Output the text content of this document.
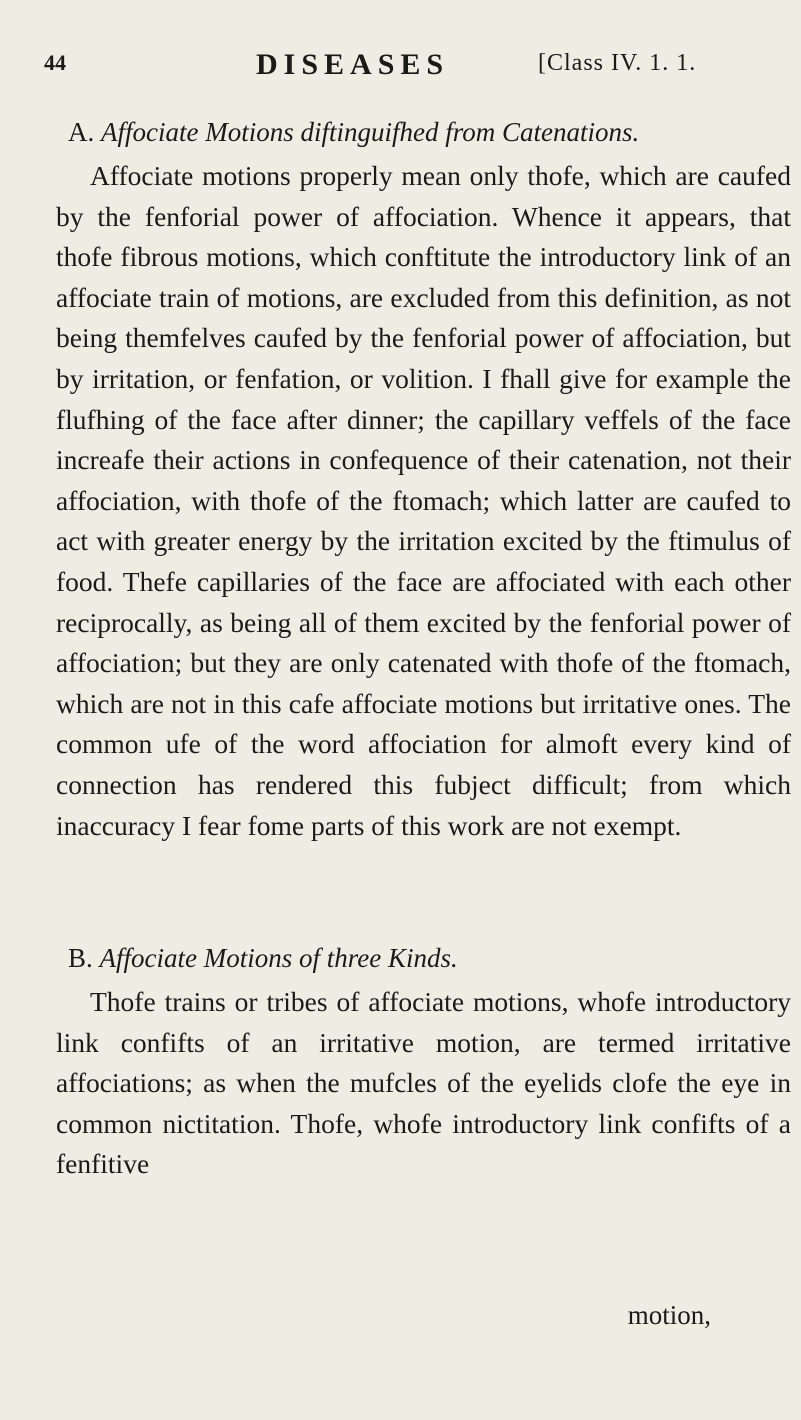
44	DISEASES	[Class IV. 1. 1.
A. Affociate Motions diftinguifhed from Catenations.

Affociate motions properly mean only thofe, which are caufed by the fenforial power of affociation. Whence it appears, that thofe fibrous motions, which conftitute the introductory link of an affociate train of motions, are excluded from this definition, as not being themfelves caufed by the fenforial power of affociation, but by irritation, or fenfation, or volition. I fhall give for example the flufhing of the face after dinner; the capillary veffels of the face increafe their actions in confequence of their catenation, not their affociation, with thofe of the ftomach; which latter are caufed to act with greater energy by the irritation excited by the ftimulus of food. Thefe capillaries of the face are affociated with each other reciprocally, as being all of them excited by the fenforial power of affociation; but they are only catenated with thofe of the ftomach, which are not in this cafe affociate motions but irritative ones. The common ufe of the word affociation for almoft every kind of connection has rendered this fubject difficult; from which inaccuracy I fear fome parts of this work are not exempt.

B. Affociate Motions of three Kinds.

Thofe trains or tribes of affociate motions, whofe introductory link confifts of an irritative motion, are termed irritative affociations; as when the mufcles of the eyelids clofe the eye in common nictitation. Thofe, whofe introductory link confifts of a fenfitive

motion,
